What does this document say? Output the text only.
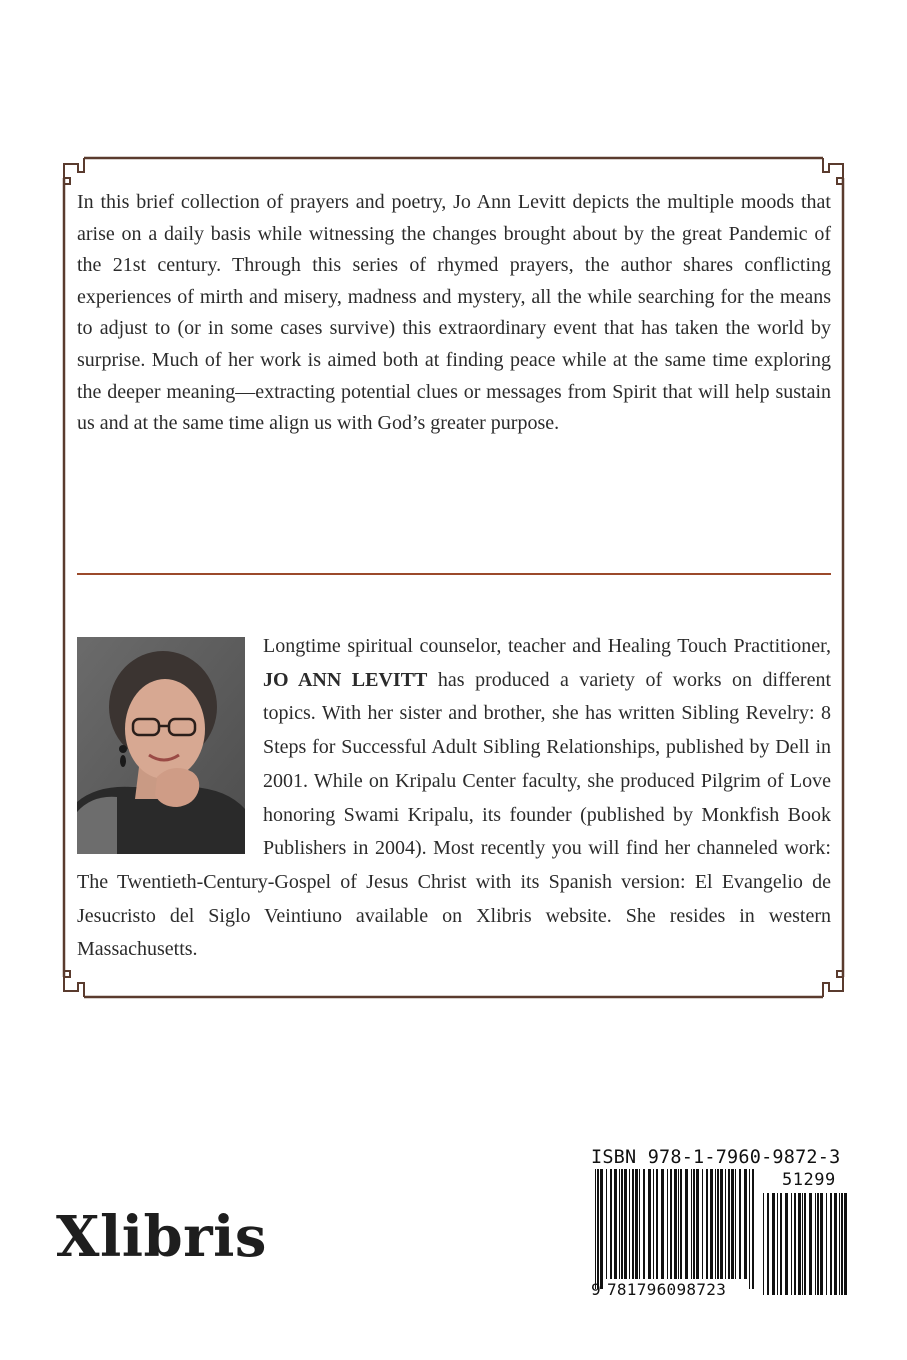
In this brief collection of prayers and poetry, Jo Ann Levitt depicts the multiple moods that arise on a daily basis while witnessing the changes brought about by the great Pandemic of the 21st century. Through this series of rhymed prayers, the author shares conflicting experiences of mirth and misery, madness and mystery, all the while searching for the means to adjust to (or in some cases survive) this extraordinary event that has taken the world by surprise. Much of her work is aimed both at finding peace while at the same time exploring the deeper meaning—extracting potential clues or messages from Spirit that will help sustain us and at the same time align us with God’s greater purpose.

Longtime spiritual counselor, teacher and Healing Touch Practitioner, JO ANN LEVITT has produced a variety of works on different topics. With her sister and brother, she has written Sibling Revelry: 8 Steps for Successful Adult Sibling Relationships, published by Dell in 2001. While on Kripalu Center faculty, she produced Pilgrim of Love honoring Swami Kripalu, its founder (published by Monkfish Book Publishers in 2004). Most recently you will find her channeled work: The Twentieth-Century-Gospel of Jesus Christ with its Spanish version: El Evangelio de Jesucristo del Siglo Veintiuno available on Xlibris website. She resides in western Massachusetts.

Xlibris
ISBN 978-1-7960-9872-3
51299
9 781796098723
